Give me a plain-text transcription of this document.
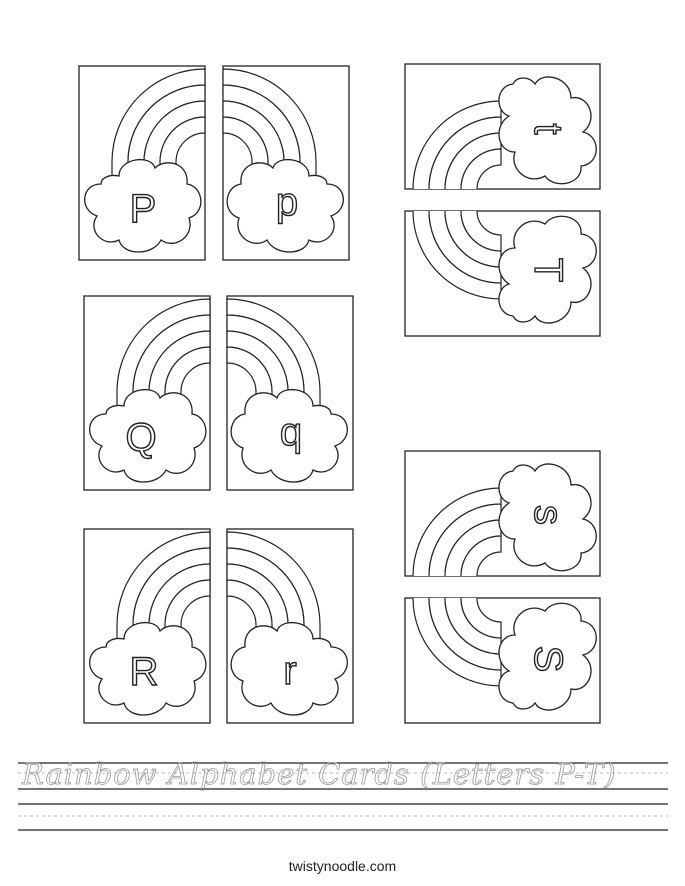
P	p
Q	q
R	r
t
T
s
S
Rainbow Alphabet Cards (Letters P-T)
twistynoodle.com
